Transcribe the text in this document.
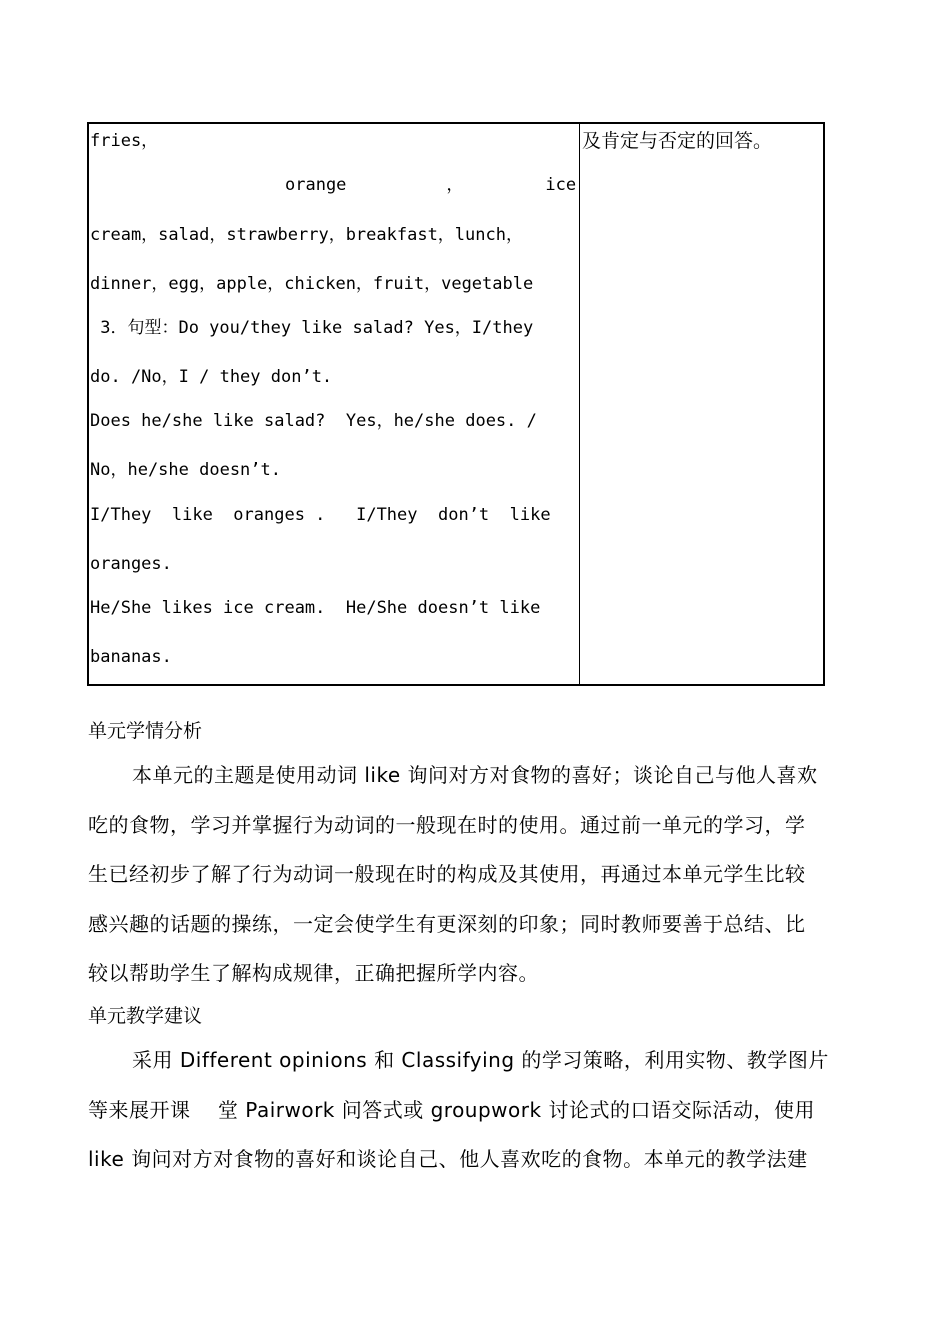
fries，
orange	，	ice
cream，salad，strawberry，breakfast，lunch，
dinner，egg，apple，chicken，fruit，vegetable
3．句型：Do you/they like salad? Yes，I/they
do. /No，I / they don’t.
Does he/she like salad?  Yes，he/she does. /
No，he/she doesn’t.
I/They  like  oranges .   I/They  don’t  like
oranges.
He/She likes ice cream.  He/She doesn’t like
bananas.
及肯定与否定的回答。
单元学情分析
本单元的主题是使用动词 like 询问对方对食物的喜好；谈论自己与他人喜欢
吃的食物，学习并掌握行为动词的一般现在时的使用。通过前一单元的学习，学
生已经初步了解了行为动词一般现在时的构成及其使用，再通过本单元学生比较
感兴趣的话题的操练，一定会使学生有更深刻的印象；同时教师要善于总结、比
较以帮助学生了解构成规律，正确把握所学内容。
单元教学建议
采用 Different opinions 和 Classifying 的学习策略，利用实物、教学图片
等来展开课    堂 Pairwork 问答式或 groupwork 讨论式的口语交际活动，使用
like 询问对方对食物的喜好和谈论自己、他人喜欢吃的食物。本单元的教学法建
